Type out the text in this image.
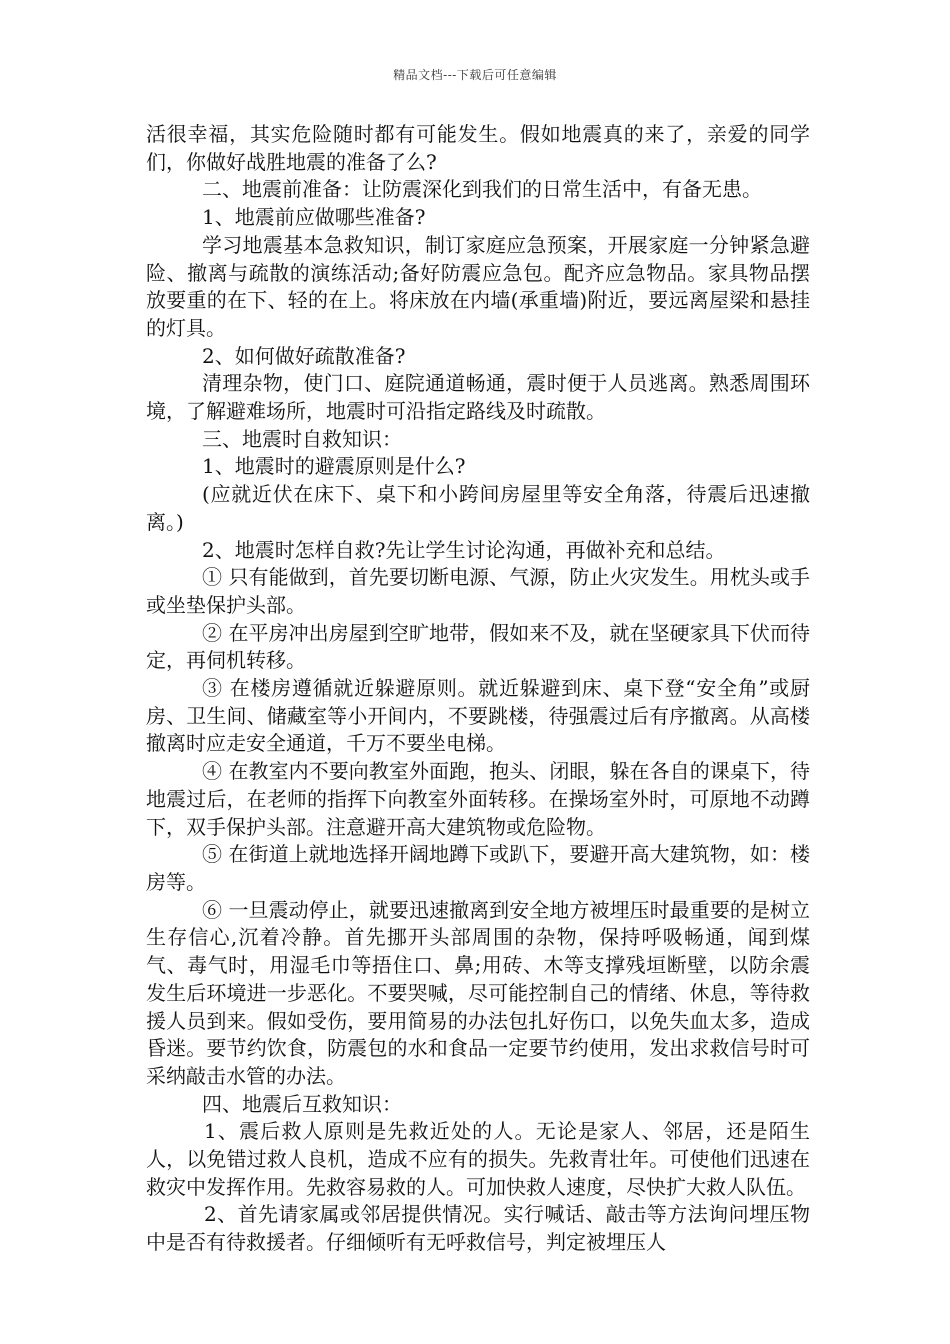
精品文档---下载后可任意编辑

活很幸福，其实危险随时都有可能发生。假如地震真的来了，亲爱的同学们，你做好战胜地震的准备了么?

二、地震前准备：让防震深化到我们的日常生活中，有备无患。

1、地震前应做哪些准备?

学习地震基本急救知识，制订家庭应急预案，开展家庭一分钟紧急避险、撤离与疏散的演练活动;备好防震应急包。配齐应急物品。家具物品摆放要重的在下、轻的在上。将床放在内墙(承重墙)附近，要远离屋梁和悬挂的灯具。

2、如何做好疏散准备?

清理杂物，使门口、庭院通道畅通，震时便于人员逃离。熟悉周围环境，了解避难场所，地震时可沿指定路线及时疏散。

三、地震时自救知识：

1、地震时的避震原则是什么?

(应就近伏在床下、桌下和小跨间房屋里等安全角落，待震后迅速撤离。)

2、地震时怎样自救?先让学生讨论沟通，再做补充和总结。

① 只有能做到，首先要切断电源、气源，防止火灾发生。用枕头或手或坐垫保护头部。

② 在平房冲出房屋到空旷地带，假如来不及，就在坚硬家具下伏而待定，再伺机转移。

③ 在楼房遵循就近躲避原则。就近躲避到床、桌下登“安全角”或厨房、卫生间、储藏室等小开间内，不要跳楼，待强震过后有序撤离。从高楼撤离时应走安全通道，千万不要坐电梯。

④ 在教室内不要向教室外面跑，抱头、闭眼，躲在各自的课桌下，待地震过后，在老师的指挥下向教室外面转移。在操场室外时，可原地不动蹲下，双手保护头部。注意避开高大建筑物或危险物。

⑤ 在街道上就地选择开阔地蹲下或趴下，要避开高大建筑物，如：楼房等。

⑥ 一旦震动停止，就要迅速撤离到安全地方被埋压时最重要的是树立生存信心,沉着冷静。首先挪开头部周围的杂物，保持呼吸畅通，闻到煤气、毒气时，用湿毛巾等捂住口、鼻;用砖、木等支撑残垣断壁，以防余震发生后环境进一步恶化。不要哭喊，尽可能控制自己的情绪、休息，等待救援人员到来。假如受伤，要用简易的办法包扎好伤口，以免失血太多，造成昏迷。要节约饮食，防震包的水和食品一定要节约使用，发出求救信号时可采纳敲击水管的办法。

四、地震后互救知识：

1、震后救人原则是先救近处的人。无论是家人、邻居，还是陌生人，以免错过救人良机，造成不应有的损失。先救青壮年。可使他们迅速在救灾中发挥作用。先救容易救的人。可加快救人速度，尽快扩大救人队伍。

2、首先请家属或邻居提供情况。实行喊话、敲击等方法询问埋压物中是否有待救援者。仔细倾听有无呼救信号，判定被埋压人
